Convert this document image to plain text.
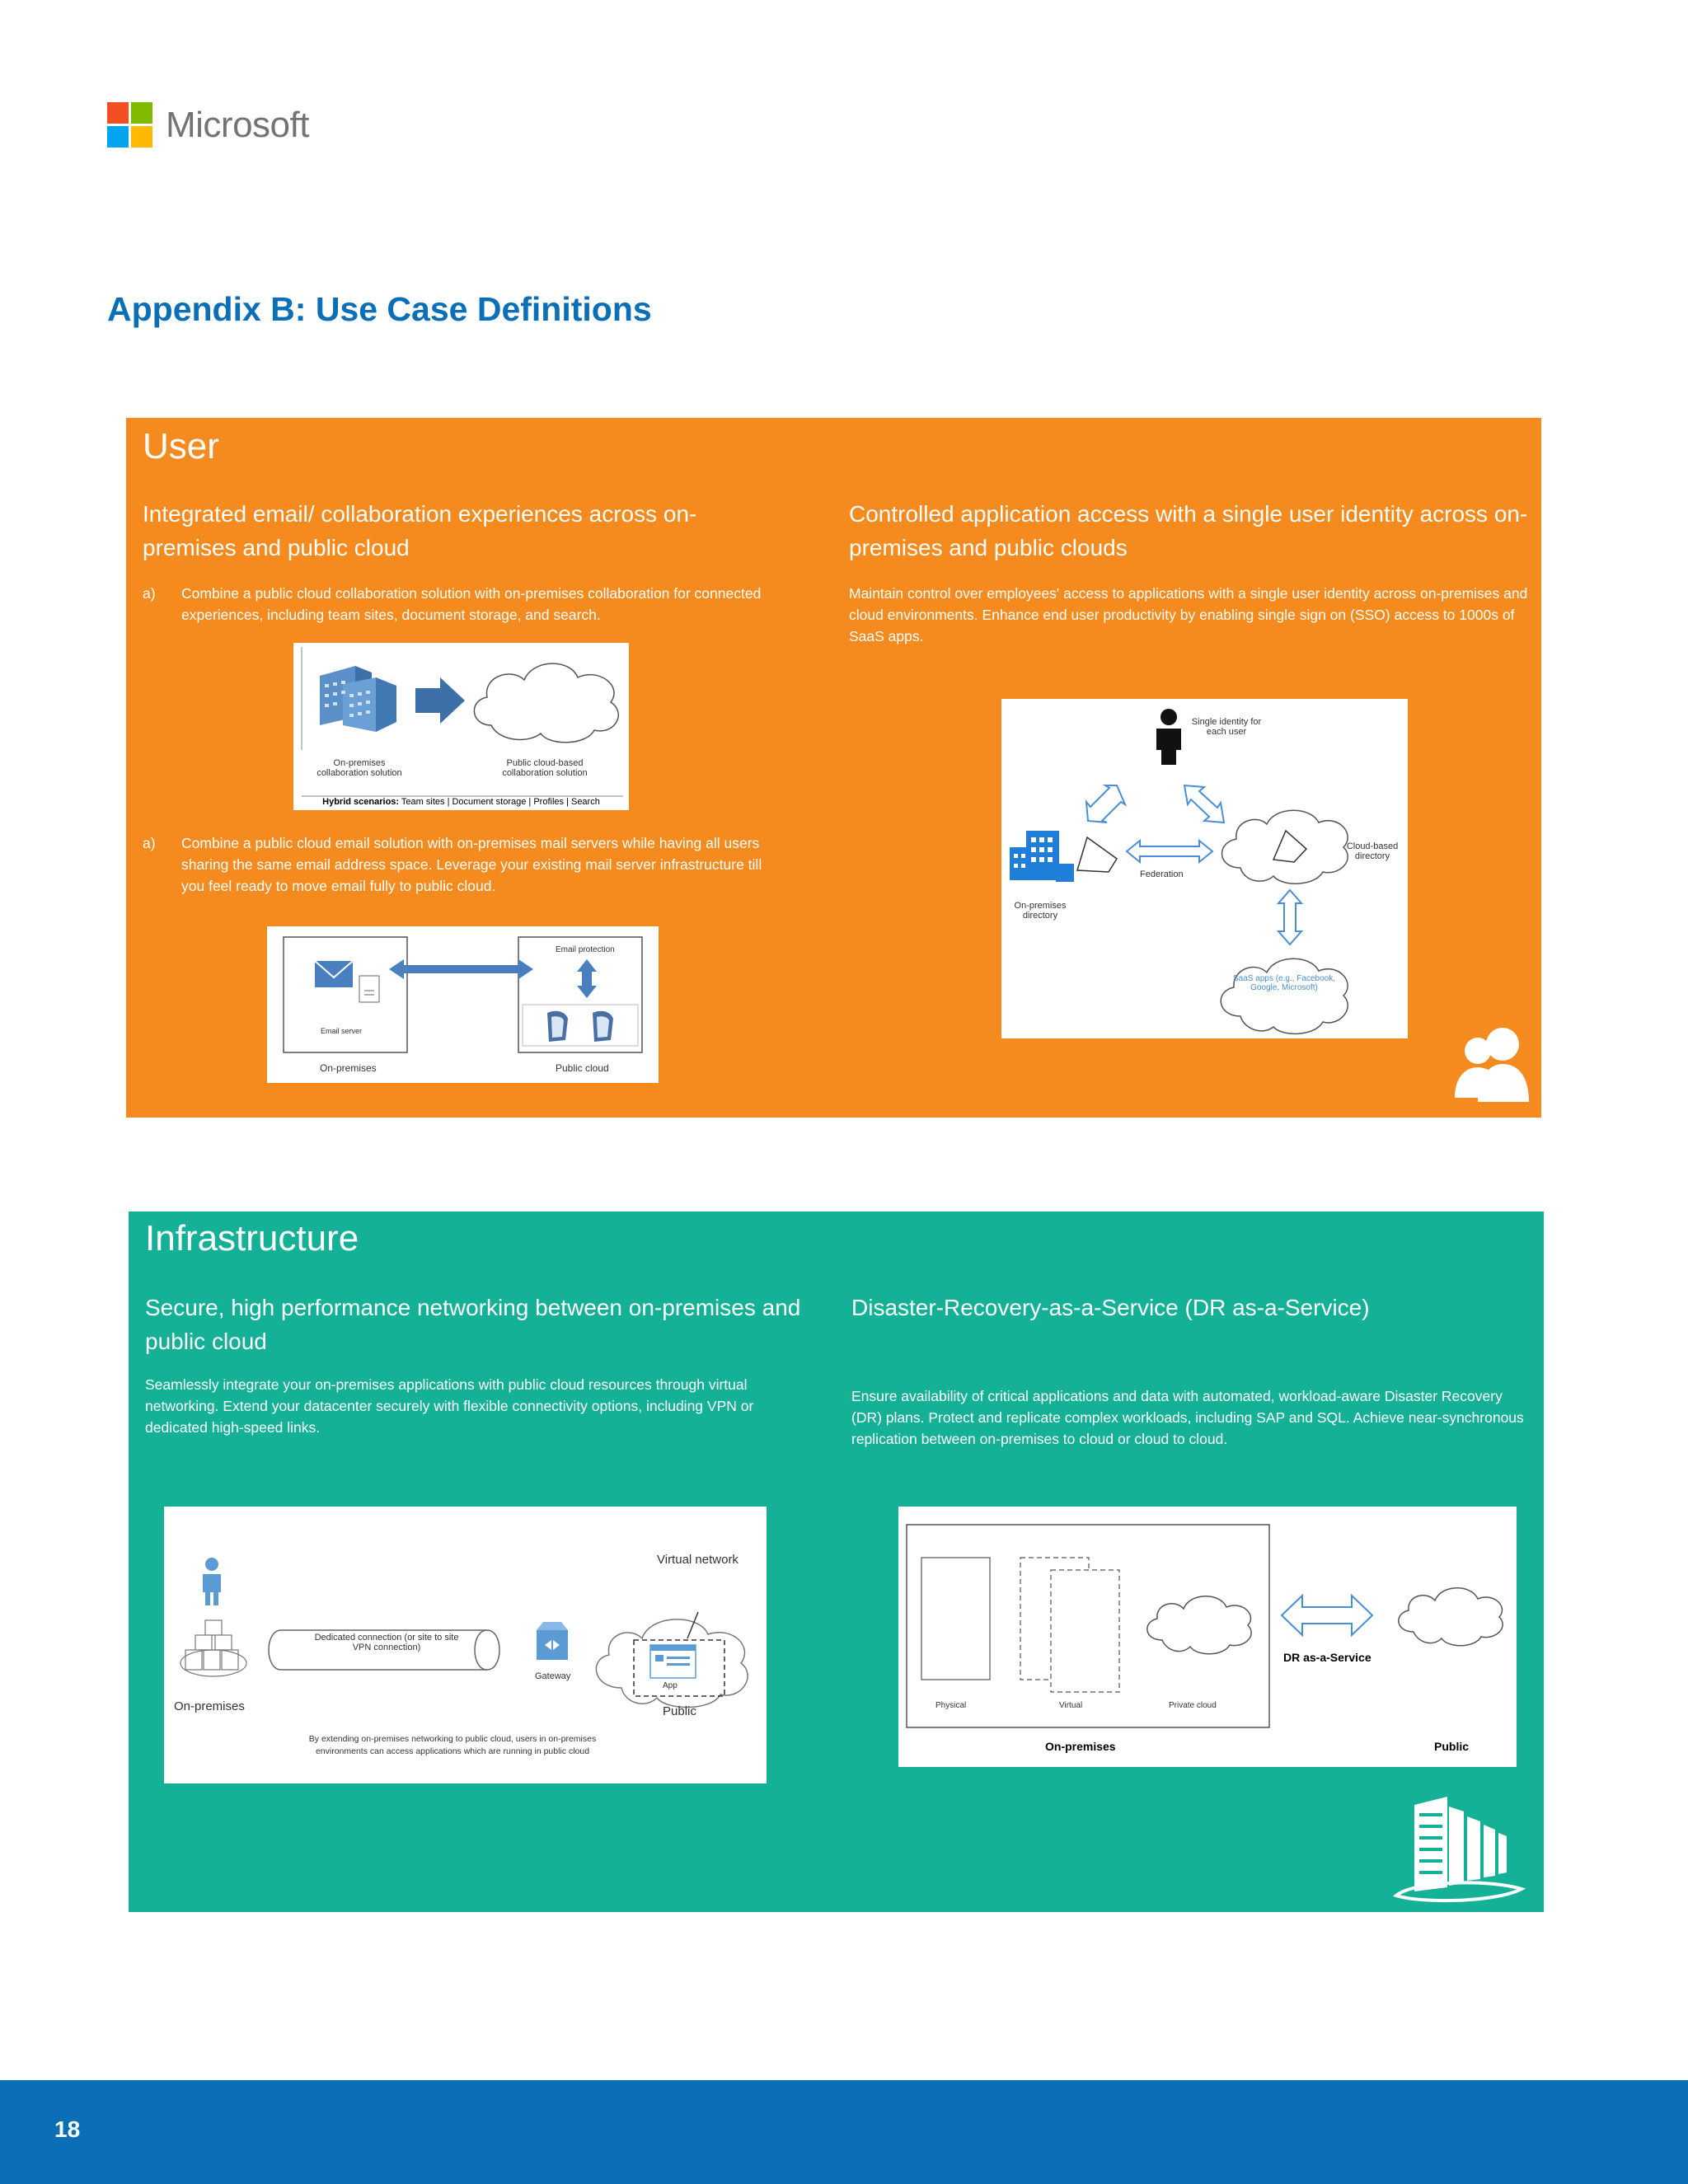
Microsoft
Appendix B: Use Case Definitions
User
Integrated email/ collaboration experiences across on-premises and public cloud
a)	Combine a public cloud collaboration solution with on-premises collaboration for connected experiences, including team sites, document storage, and search.
On-premises collaboration solution
Public cloud-based collaboration solution
Hybrid scenarios: Team sites | Document storage | Profiles | Search
a)	Combine a public cloud email solution with on-premises mail servers while having all users sharing the same email address space. Leverage your existing mail server infrastructure till you feel ready to move email fully to public cloud.
Email server
Email protection
On-premises	Public cloud
Controlled application access with a single user identity across on-premises and public clouds
Maintain control over employees' access to applications with a single user identity across on-premises and cloud environments. Enhance end user productivity by enabling single sign on (SSO) access to 1000s of SaaS apps.
Single identity for each user
Federation
Cloud-based directory
On-premises directory
SaaS apps (e.g., Facebook, Google, Microsoft)
Infrastructure
Secure, high performance networking between on-premises and public cloud
Seamlessly integrate your on-premises applications with public cloud resources through virtual networking. Extend your datacenter securely with flexible connectivity options, including VPN or dedicated high-speed links.
Virtual network
Dedicated connection (or site to site VPN connection)
Gateway
App
On-premises	Public
By extending on-premises networking to public cloud, users in on-premises environments can access applications which are running in public cloud
Disaster-Recovery-as-a-Service (DR as-a-Service)
Ensure availability of critical applications and data with automated, workload-aware Disaster Recovery (DR) plans. Protect and replicate complex workloads, including SAP and SQL. Achieve near-synchronous replication between on-premises to cloud or cloud to cloud.
Physical	Virtual	Private cloud
DR as-a-Service
On-premises	Public
18
